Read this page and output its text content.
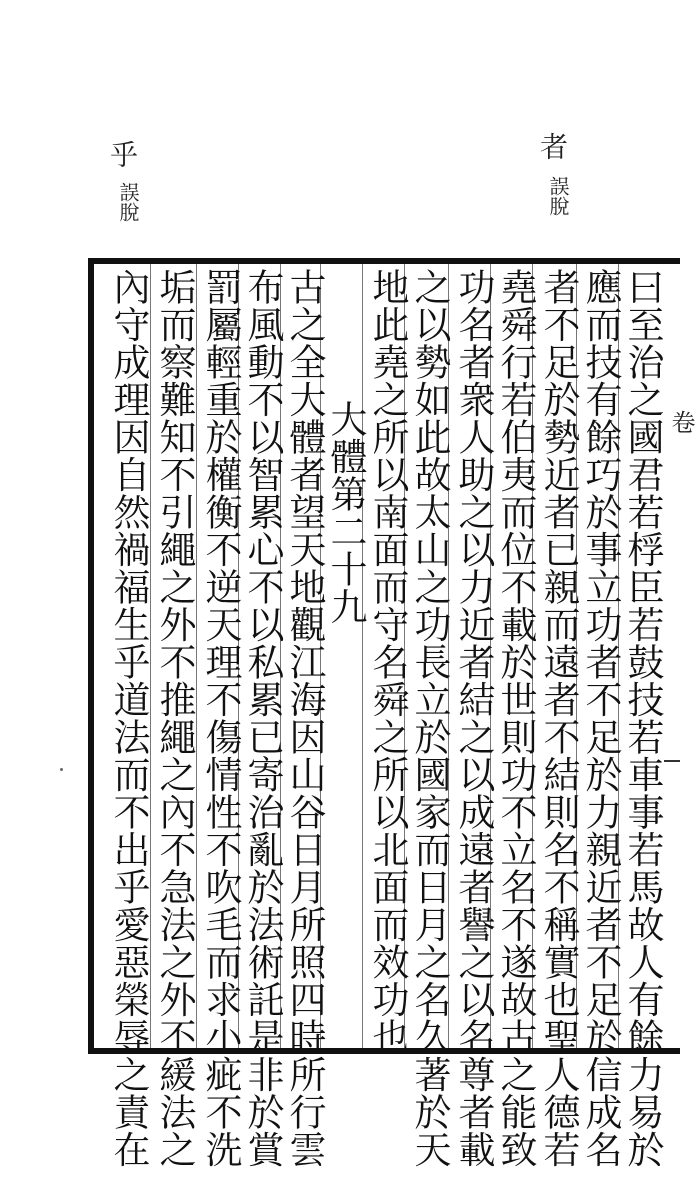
乎
誤脫
者
誤脫
卷
曰至治之國君若桴臣若鼓技若車事若馬故人有餘力易於
應而技有餘巧於事立功者不足於力親近者不足於信成名
者不足於勢近者已親而遠者不結則名不稱實也聖人德若
堯舜行若伯夷而位不載於世則功不立名不遂故古之能致
功名者衆人助之以力近者結之以成遠者譽之以名尊者載
之以勢如此故太山之功長立於國家而日月之名久著於天
地此堯之所以南面而守名舜之所以北面而效功也
大體第二十九
古之全大體者望天地觀江海因山谷日月所照四時所行雲
布風動不以智累心不以私累已寄治亂於法術託是非於賞
罰屬輕重於權衡不逆天理不傷情性不吹毛而求小疵不洗
垢而察難知不引繩之外不推繩之內不急法之外不緩法之
內守成理因自然禍福生乎道法而不出乎愛惡榮辱之責在
